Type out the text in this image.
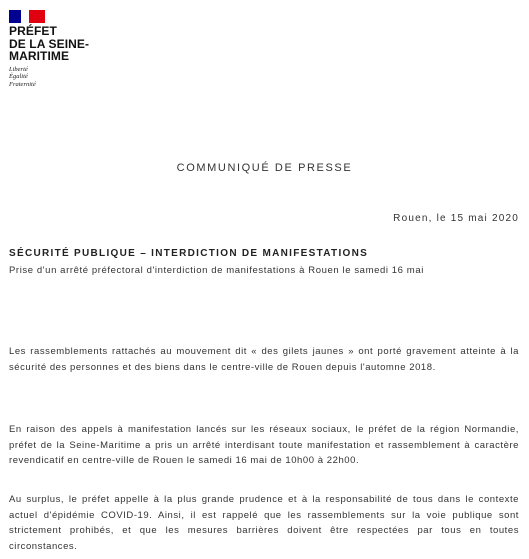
PRÉFET
DE LA SEINE-
MARITIME
Liberté
Égalité
Fraternité
COMMUNIQUÉ DE PRESSE
Rouen, le 15 mai 2020
SÉCURITÉ PUBLIQUE – INTERDICTION DE MANIFESTATIONS
Prise d'un arrêté préfectoral d'interdiction de manifestations à Rouen le samedi 16 mai
Les rassemblements rattachés au mouvement dit « des gilets jaunes » ont porté gravement atteinte à la sécurité des personnes et des biens dans le centre-ville de Rouen depuis l'automne 2018.
En raison des appels à manifestation lancés sur les réseaux sociaux, le préfet de la région Normandie, préfet de la Seine-Maritime a pris un arrêté interdisant toute manifestation et rassemblement à caractère revendicatif en centre-ville de Rouen le samedi 16 mai de 10h00 à 22h00.
Au surplus, le préfet appelle à la plus grande prudence et à la responsabilité de tous dans le contexte actuel d'épidémie COVID-19. Ainsi, il est rappelé que les rassemblements sur la voie publique sont strictement prohibés, et que les mesures barrières doivent être respectées par tous en toutes circonstances.
